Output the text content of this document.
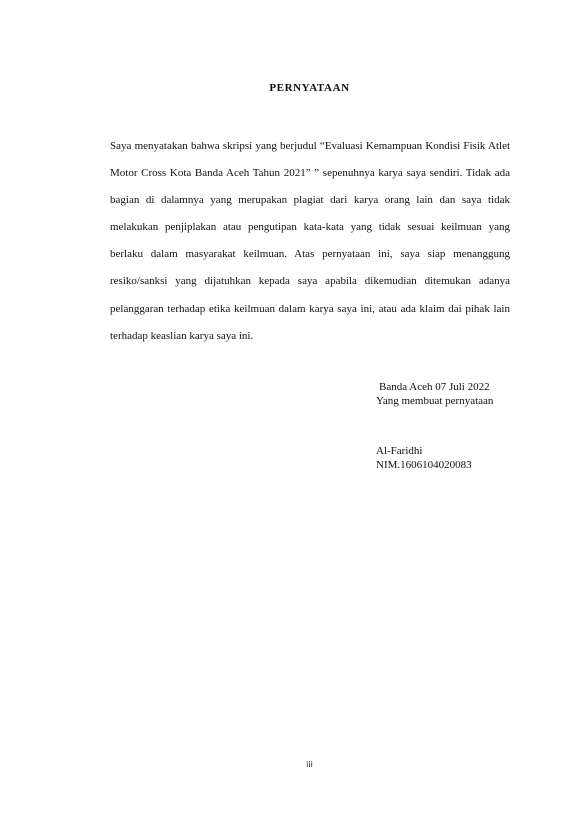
PERNYATAAN

Saya menyatakan bahwa skripsi yang berjudul “Evaluasi Kemampuan Kondisi Fisik Atlet Motor Cross Kota Banda Aceh Tahun 2021” ” sepenuhnya karya saya sendiri. Tidak ada bagian di dalamnya yang merupakan plagiat dari karya orang lain dan saya tidak melakukan penjiplakan atau pengutipan kata-kata yang tidak sesuai keilmuan yang berlaku dalam masyarakat keilmuan. Atas pernyataan ini, saya siap menanggung resiko/sanksi yang dijatuhkan kepada saya apabila dikemudian ditemukan adanya pelanggaran terhadap etika keilmuan dalam karya saya ini, atau ada klaim dai pihak lain terhadap keaslian karya saya ini.

Banda Aceh 07 Juli 2022
Yang membuat pernyataan
Al-Faridhi
NIM.1606104020083
iii
